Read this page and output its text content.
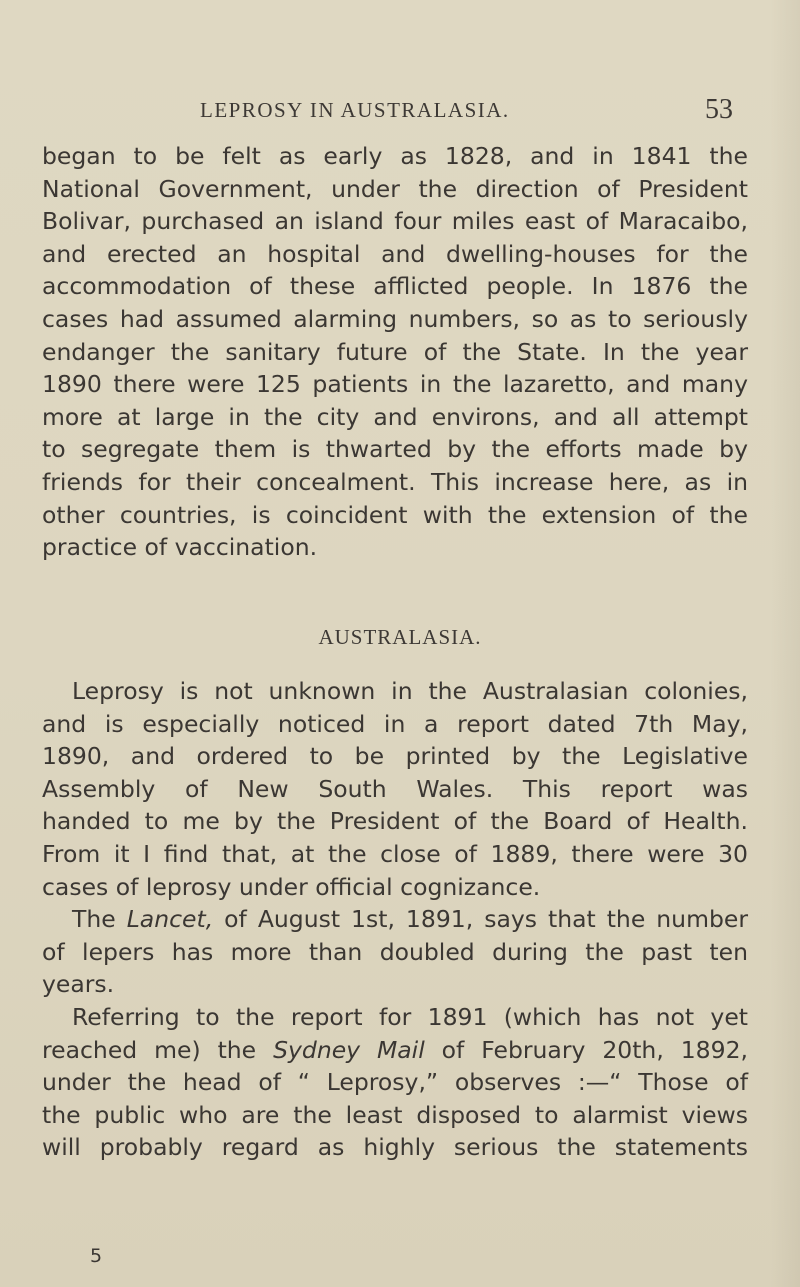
LEPROSY IN AUSTRALASIA.	53
began to be felt as early as 1828, and in 1841 the
National Government, under the direction of President
Bolivar, purchased an island four miles east of Maracaibo,
and erected an hospital and dwelling-houses for the
accommodation of these afflicted people. In 1876 the
cases had assumed alarming numbers, so as to seriously
endanger the sanitary future of the State. In the year
1890 there were 125 patients in the lazaretto, and many
more at large in the city and environs, and all attempt
to segregate them is thwarted by the efforts made by
friends for their concealment. This increase here, as in
other countries, is coincident with the extension of the
practice of vaccination.
AUSTRALASIA.
Leprosy is not unknown in the Australasian colonies,
and is especially noticed in a report dated 7th May,
1890, and ordered to be printed by the Legislative
Assembly of New South Wales. This report was
handed to me by the President of the Board of Health.
From it I find that, at the close of 1889, there were 30
cases of leprosy under official cognizance.
The Lancet, of August 1st, 1891, says that the number
of lepers has more than doubled during the past ten
years.
Referring to the report for 1891 (which has not yet
reached me) the Sydney Mail of February 20th, 1892,
under the head of “ Leprosy,” observes :—“ Those of
the public who are the least disposed to alarmist views
will probably regard as highly serious the statements
5
